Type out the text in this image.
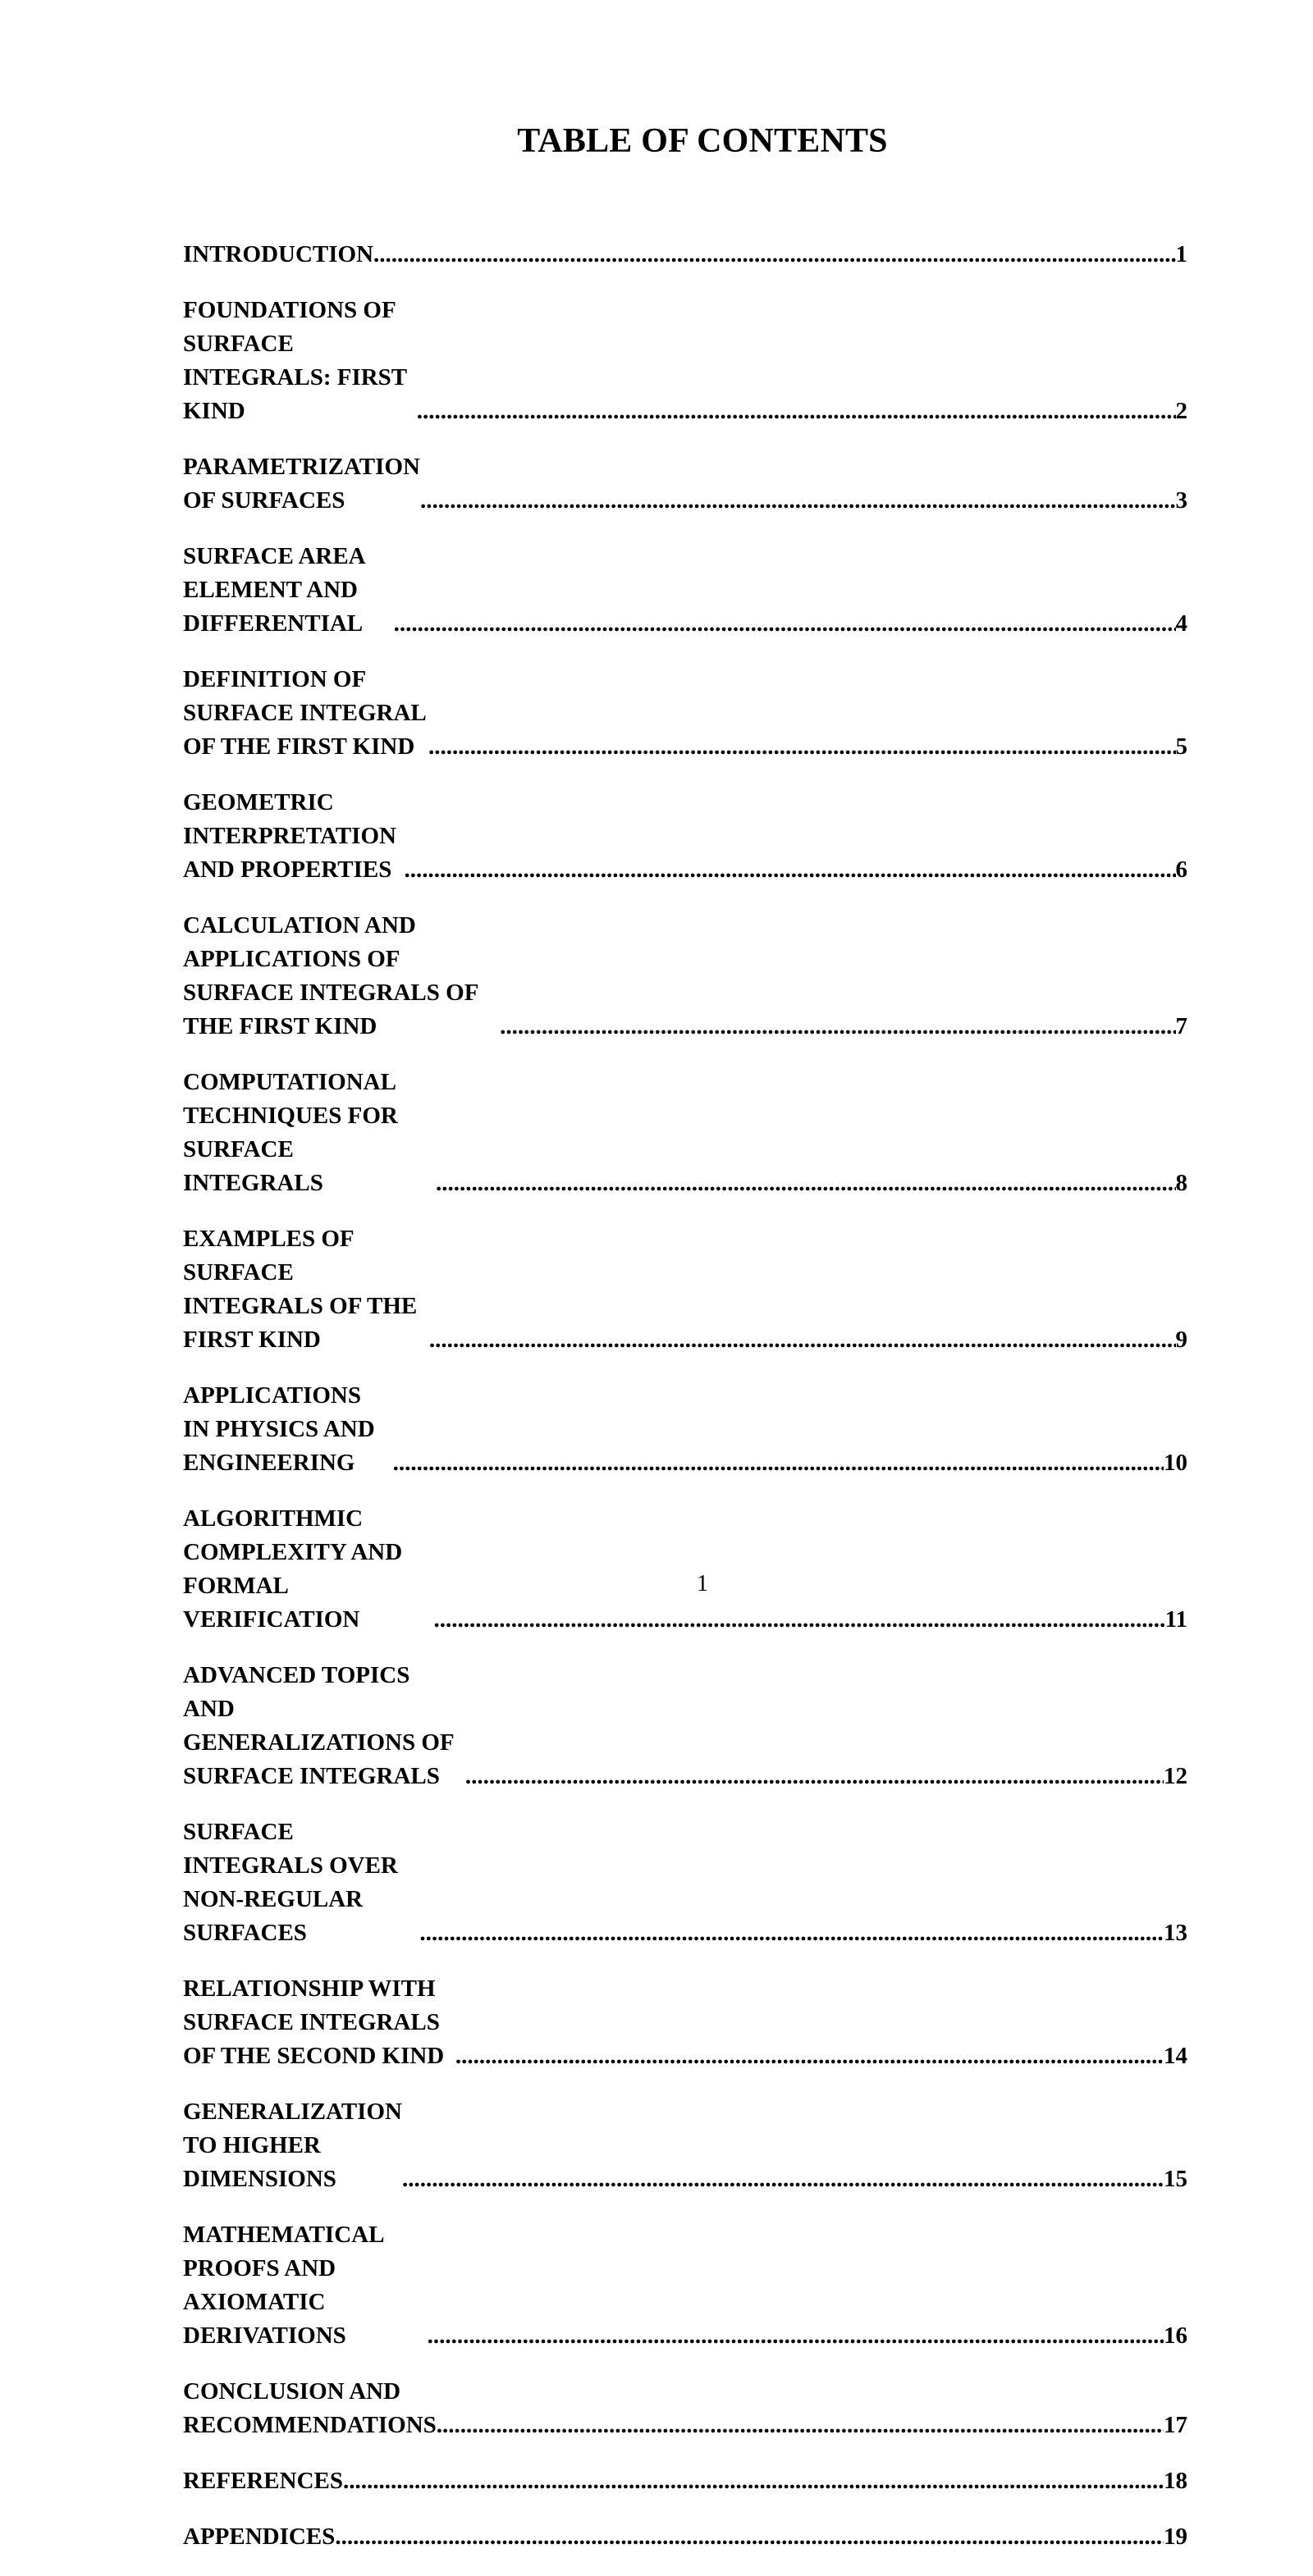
TABLE OF CONTENTS
INTRODUCTION .....	1
FOUNDATIONS OF SURFACE INTEGRALS: FIRST KIND .....	2
PARAMETRIZATION OF SURFACES .....	3
SURFACE AREA ELEMENT AND DIFFERENTIAL .....	4
DEFINITION OF SURFACE INTEGRAL OF THE FIRST KIND .....	5
GEOMETRIC INTERPRETATION AND PROPERTIES .....	6
CALCULATION AND APPLICATIONS OF SURFACE INTEGRALS OF THE FIRST KIND .....	7
COMPUTATIONAL TECHNIQUES FOR SURFACE INTEGRALS .....	8
EXAMPLES OF SURFACE INTEGRALS OF THE FIRST KIND .....	9
APPLICATIONS IN PHYSICS AND ENGINEERING .....	10
ALGORITHMIC COMPLEXITY AND FORMAL VERIFICATION .....	11
ADVANCED TOPICS AND GENERALIZATIONS OF SURFACE INTEGRALS .....	12
SURFACE INTEGRALS OVER NON-REGULAR SURFACES .....	13
RELATIONSHIP WITH SURFACE INTEGRALS OF THE SECOND KIND .....	14
GENERALIZATION TO HIGHER DIMENSIONS .....	15
MATHEMATICAL PROOFS AND AXIOMATIC DERIVATIONS .....	16
CONCLUSION AND RECOMMENDATIONS .....	17
REFERENCES .....	18
APPENDICES .....	19
1
